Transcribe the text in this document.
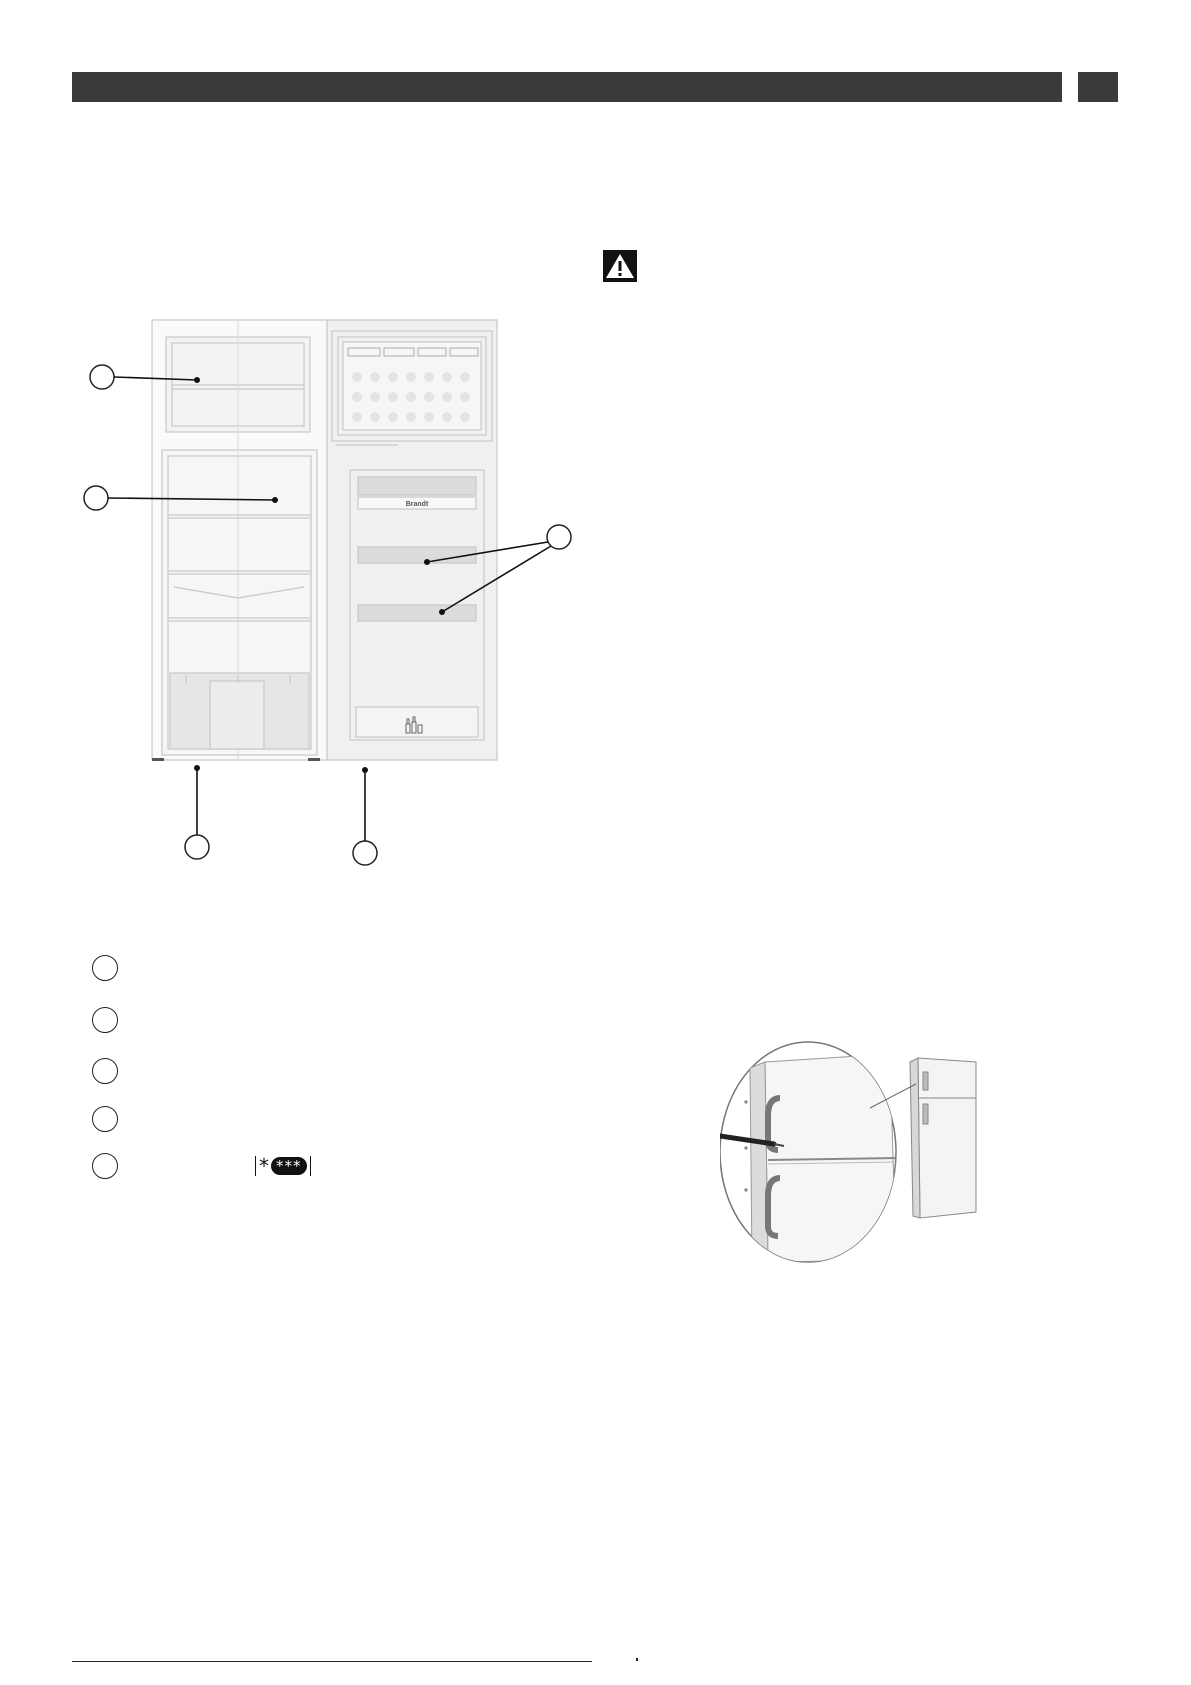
Brandt
* ***
